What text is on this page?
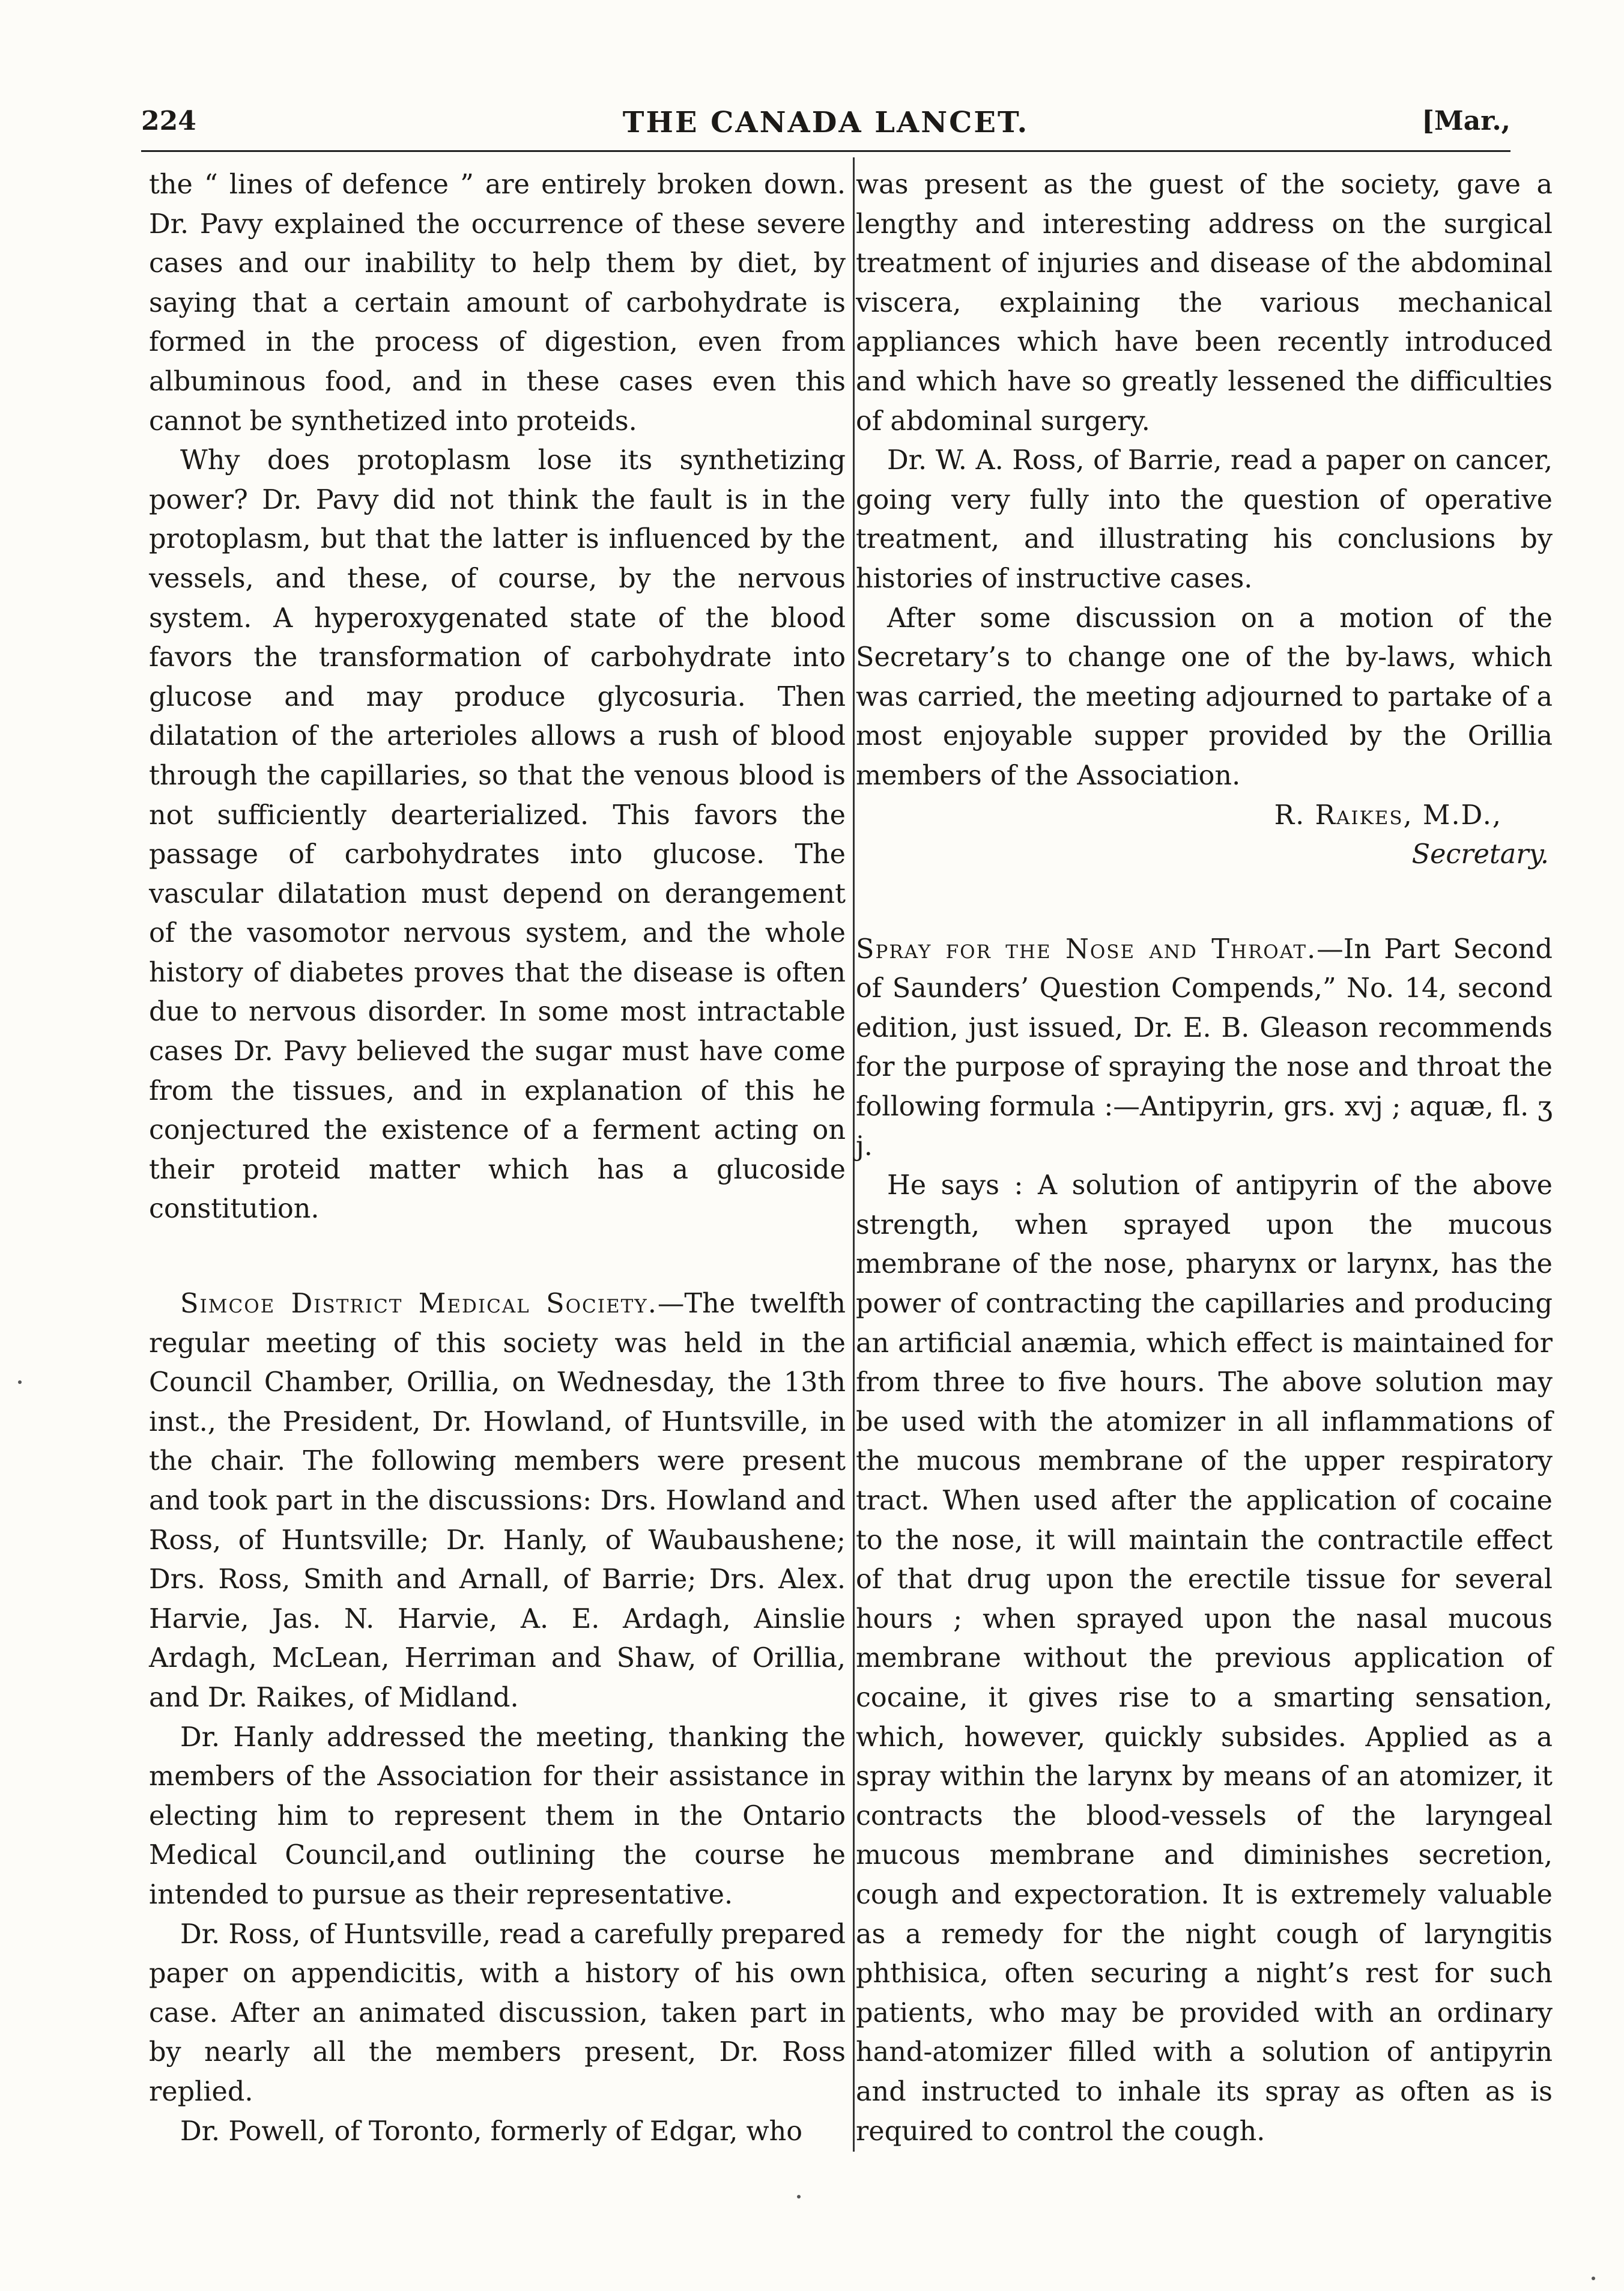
224	THE CANADA LANCET.	[Mar.,

the “ lines of defence ” are entirely broken down. Dr. Pavy explained the occurrence of these severe cases and our inability to help them by diet, by saying that a certain amount of carbohydrate is formed in the process of digestion, even from albuminous food, and in these cases even this cannot be synthetized into proteids.

Why does protoplasm lose its synthetizing power? Dr. Pavy did not think the fault is in the protoplasm, but that the latter is influenced by the vessels, and these, of course, by the nervous system. A hyperoxygenated state of the blood favors the transformation of carbohydrate into glucose and may produce glycosuria. Then dilatation of the arterioles allows a rush of blood through the capillaries, so that the venous blood is not sufficiently dearterialized. This favors the passage of carbohydrates into glucose. The vascular dilatation must depend on derangement of the vasomotor nervous system, and the whole history of diabetes proves that the disease is often due to nervous disorder. In some most intractable cases Dr. Pavy believed the sugar must have come from the tissues, and in explanation of this he conjectured the existence of a ferment acting on their proteid matter which has a glucoside constitution.

Simcoe District Medical Society.—The twelfth regular meeting of this society was held in the Council Chamber, Orillia, on Wednesday, the 13th inst., the President, Dr. Howland, of Huntsville, in the chair. The following members were present and took part in the discussions: Drs. Howland and Ross, of Huntsville; Dr. Hanly, of Waubaushene; Drs. Ross, Smith and Arnall, of Barrie; Drs. Alex. Harvie, Jas. N. Harvie, A. E. Ardagh, Ainslie Ardagh, McLean, Herriman and Shaw, of Orillia, and Dr. Raikes, of Midland.

Dr. Hanly addressed the meeting, thanking the members of the Association for their assistance in electing him to represent them in the Ontario Medical Council,and outlining the course he intended to pursue as their representative.

Dr. Ross, of Huntsville, read a carefully prepared paper on appendicitis, with a history of his own case. After an animated discussion, taken part in by nearly all the members present, Dr. Ross replied.

Dr. Powell, of Toronto, formerly of Edgar, who

was present as the guest of the society, gave a lengthy and interesting address on the surgical treatment of injuries and disease of the abdominal viscera, explaining the various mechanical appliances which have been recently introduced and which have so greatly lessened the difficulties of abdominal surgery.

Dr. W. A. Ross, of Barrie, read a paper on cancer, going very fully into the question of operative treatment, and illustrating his conclusions by histories of instructive cases.

After some discussion on a motion of the Secretary’s to change one of the by-laws, which was carried, the meeting adjourned to partake of a most enjoyable supper provided by the Orillia members of the Association.

R. Raikes, M.D.,

Secretary.

Spray for the Nose and Throat.—In Part Second of Saunders’ Question Compends,” No. 14, second edition, just issued, Dr. E. B. Gleason recommends for the purpose of spraying the nose and throat the following formula :—Antipyrin, grs. xvj ; aquæ, fl. ʒ j.

He says : A solution of antipyrin of the above strength, when sprayed upon the mucous membrane of the nose, pharynx or larynx, has the power of contracting the capillaries and producing an artificial anæmia, which effect is maintained for from three to five hours. The above solution may be used with the atomizer in all inflammations of the mucous membrane of the upper respiratory tract. When used after the application of cocaine to the nose, it will maintain the contractile effect of that drug upon the erectile tissue for several hours ; when sprayed upon the nasal mucous membrane without the previous application of cocaine, it gives rise to a smarting sensation, which, however, quickly subsides. Applied as a spray within the larynx by means of an atomizer, it contracts the blood-vessels of the laryngeal mucous membrane and diminishes secretion, cough and expectoration. It is extremely valuable as a remedy for the night cough of laryngitis phthisica, often securing a night’s rest for such patients, who may be provided with an ordinary hand-atomizer filled with a solution of antipyrin and instructed to inhale its spray as often as is required to control the cough.
